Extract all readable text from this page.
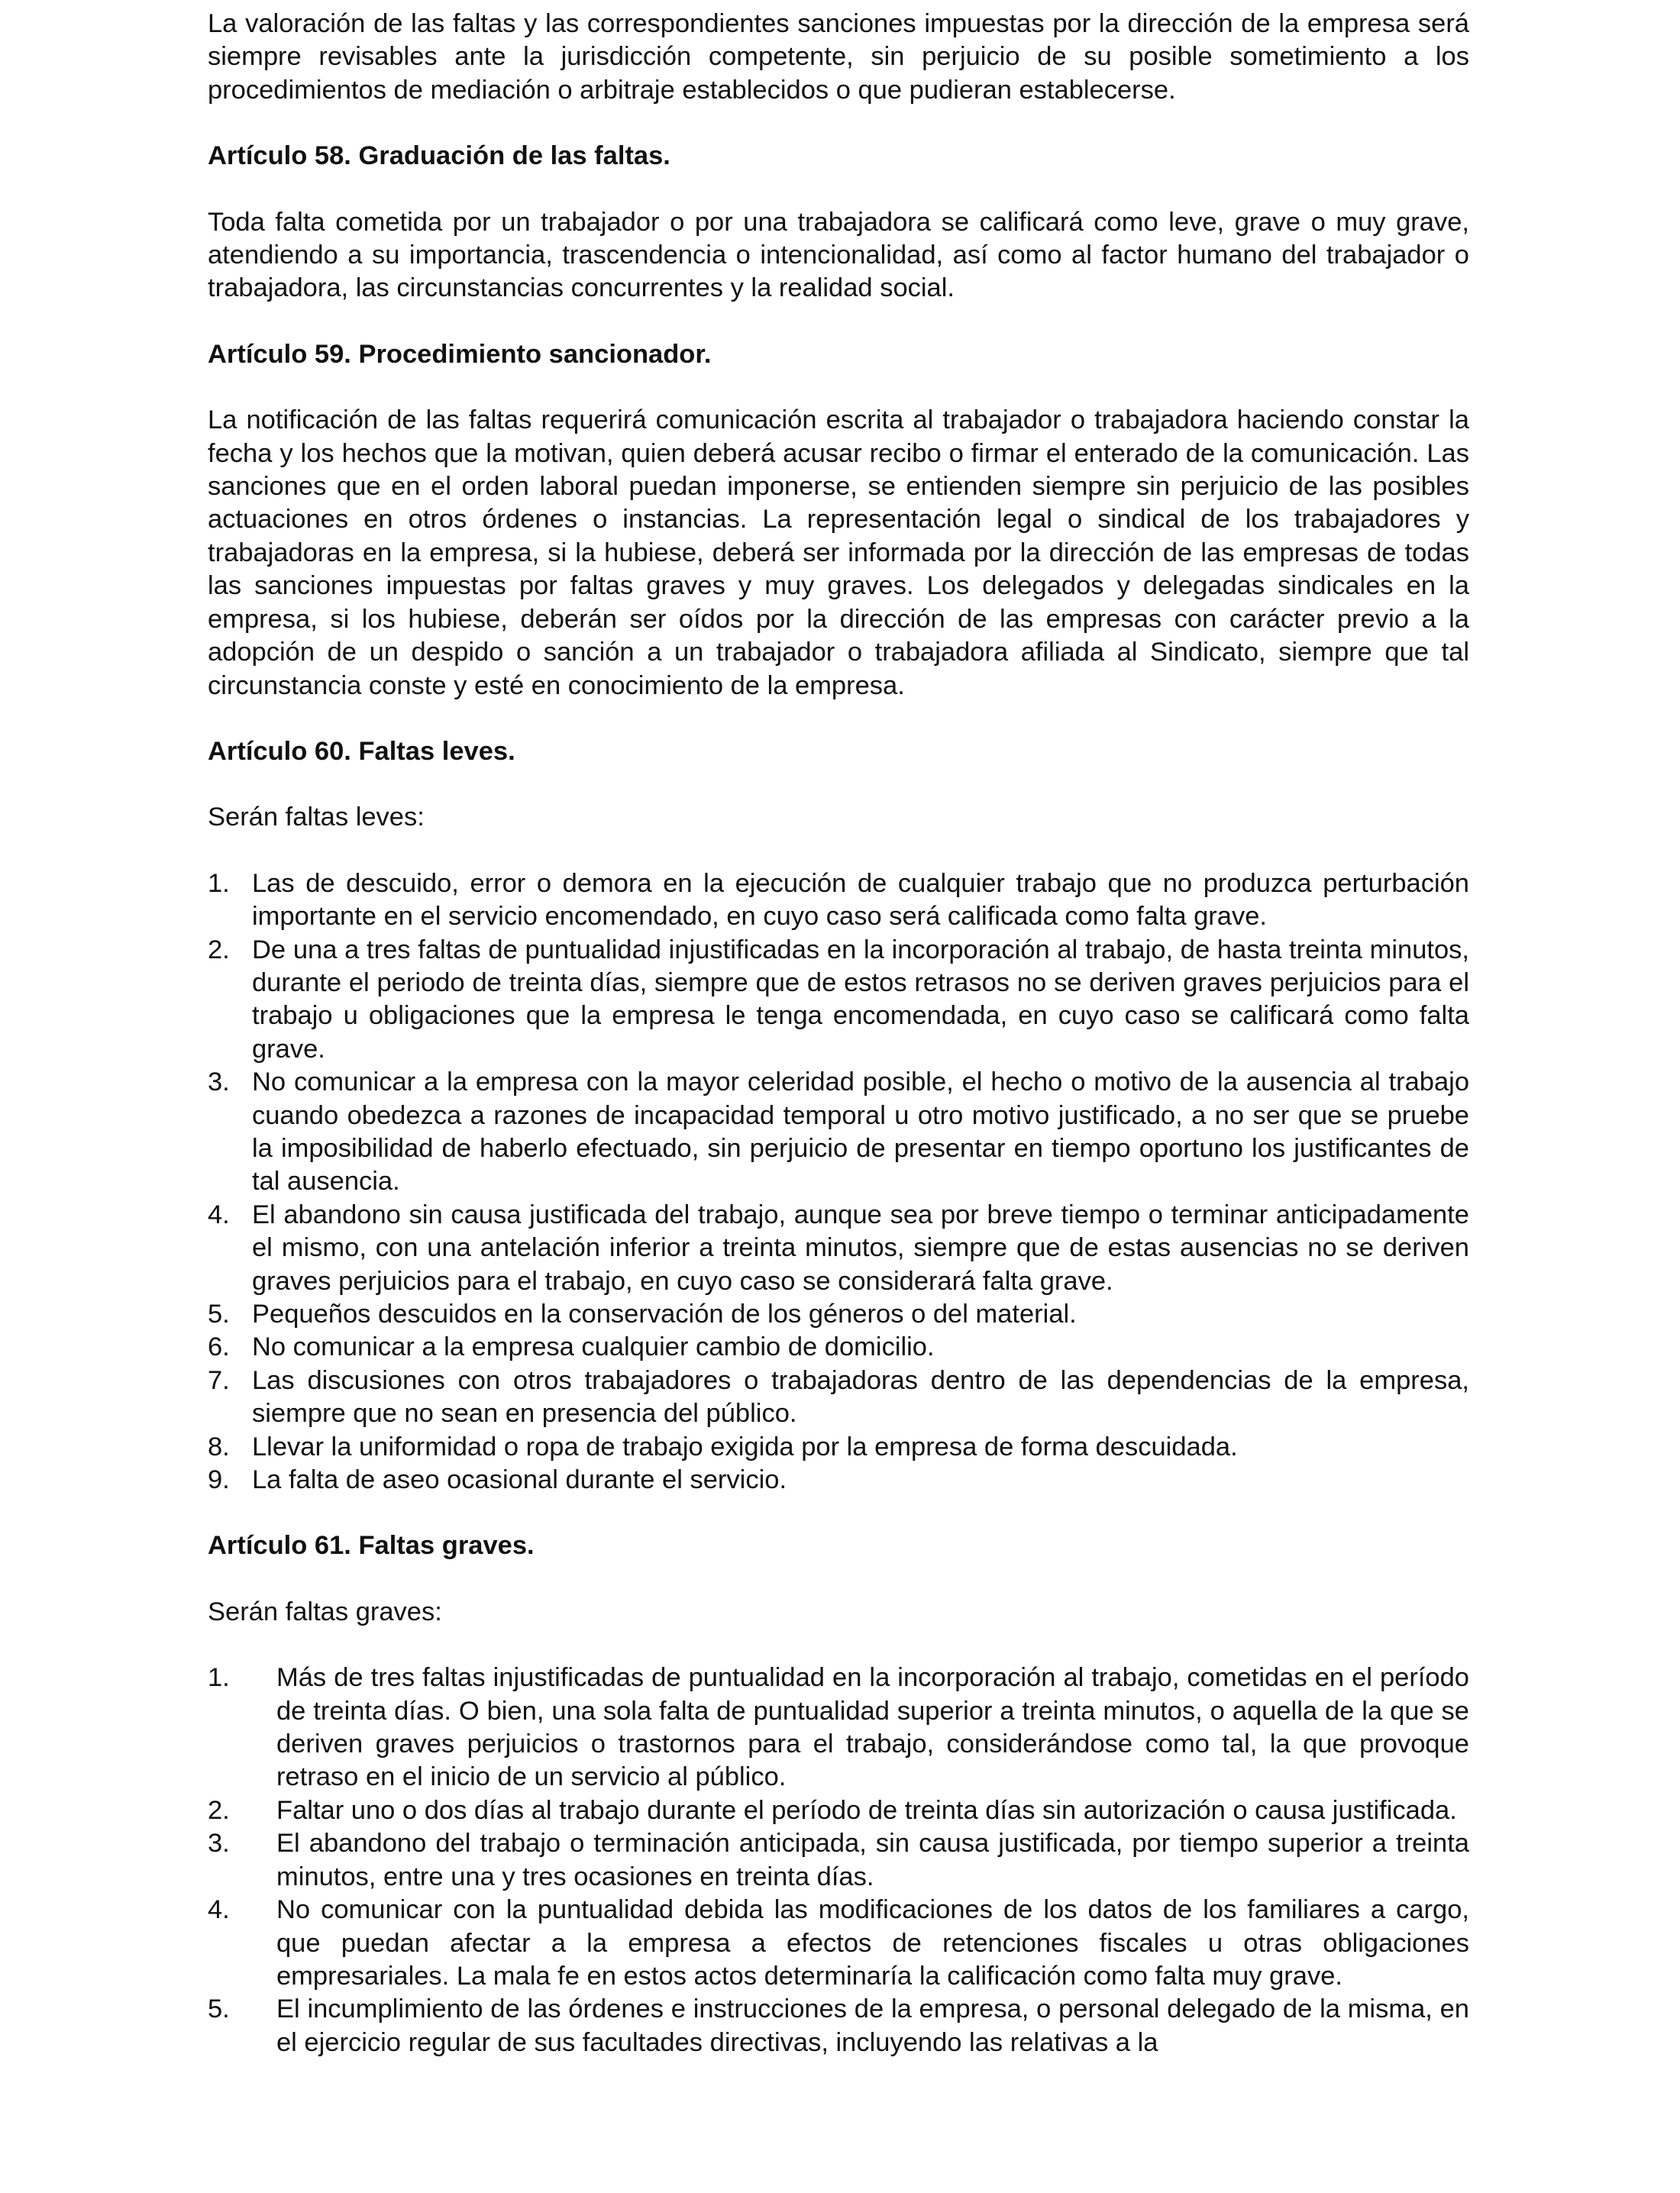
La valoración de las faltas y las correspondientes sanciones impuestas por la dirección de la empresa será siempre revisables ante la jurisdicción competente, sin perjuicio de su posible sometimiento a los procedimientos de mediación o arbitraje establecidos o que pudieran establecerse.

Artículo 58. Graduación de las faltas.

Toda falta cometida por un trabajador o por una trabajadora se calificará como leve, grave o muy grave, atendiendo a su importancia, trascendencia o intencionalidad, así como al factor humano del trabajador o trabajadora, las circunstancias concurrentes y la realidad social.

Artículo 59. Procedimiento sancionador.

La notificación de las faltas requerirá comunicación escrita al trabajador o trabajadora haciendo constar la fecha y los hechos que la motivan, quien deberá acusar recibo o firmar el enterado de la comunicación. Las sanciones que en el orden laboral puedan imponerse, se entienden siempre sin perjuicio de las posibles actuaciones en otros órdenes o instancias. La representación legal o sindical de los trabajadores y trabajadoras en la empresa, si la hubiese, deberá ser informada por la dirección de las empresas de todas las sanciones impuestas por faltas graves y muy graves. Los delegados y delegadas sindicales en la empresa, si los hubiese, deberán ser oídos por la dirección de las empresas con carácter previo a la adopción de un despido o sanción a un trabajador o trabajadora afiliada al Sindicato, siempre que tal circunstancia conste y esté en conocimiento de la empresa.

Artículo 60. Faltas leves.

Serán faltas leves:

1. Las de descuido, error o demora en la ejecución de cualquier trabajo que no produzca perturbación importante en el servicio encomendado, en cuyo caso será calificada como falta grave.
2. De una a tres faltas de puntualidad injustificadas en la incorporación al trabajo, de hasta treinta minutos, durante el periodo de treinta días, siempre que de estos retrasos no se deriven graves perjuicios para el trabajo u obligaciones que la empresa le tenga encomendada, en cuyo caso se calificará como falta grave.
3. No comunicar a la empresa con la mayor celeridad posible, el hecho o motivo de la ausencia al trabajo cuando obedezca a razones de incapacidad temporal u otro motivo justificado, a no ser que se pruebe la imposibilidad de haberlo efectuado, sin perjuicio de presentar en tiempo oportuno los justificantes de tal ausencia.
4. El abandono sin causa justificada del trabajo, aunque sea por breve tiempo o terminar anticipadamente el mismo, con una antelación inferior a treinta minutos, siempre que de estas ausencias no se deriven graves perjuicios para el trabajo, en cuyo caso se considerará falta grave.
5. Pequeños descuidos en la conservación de los géneros o del material.
6. No comunicar a la empresa cualquier cambio de domicilio.
7. Las discusiones con otros trabajadores o trabajadoras dentro de las dependencias de la empresa, siempre que no sean en presencia del público.
8. Llevar la uniformidad o ropa de trabajo exigida por la empresa de forma descuidada.
9. La falta de aseo ocasional durante el servicio.

Artículo 61. Faltas graves.

Serán faltas graves:

1.	Más de tres faltas injustificadas de puntualidad en la incorporación al trabajo, cometidas en el período de treinta días. O bien, una sola falta de puntualidad superior a treinta minutos, o aquella de la que se deriven graves perjuicios o trastornos para el trabajo, considerándose como tal, la que provoque retraso en el inicio de un servicio al público.
2.	Faltar uno o dos días al trabajo durante el período de treinta días sin autorización o causa justificada.
3.	El abandono del trabajo o terminación anticipada, sin causa justificada, por tiempo superior a treinta minutos, entre una y tres ocasiones en treinta días.
4.	No comunicar con la puntualidad debida las modificaciones de los datos de los familiares a cargo, que puedan afectar a la empresa a efectos de retenciones fiscales u otras obligaciones empresariales. La mala fe en estos actos determinaría la calificación como falta muy grave.
5.	El incumplimiento de las órdenes e instrucciones de la empresa, o personal delegado de la misma, en el ejercicio regular de sus facultades directivas, incluyendo las relativas a la
